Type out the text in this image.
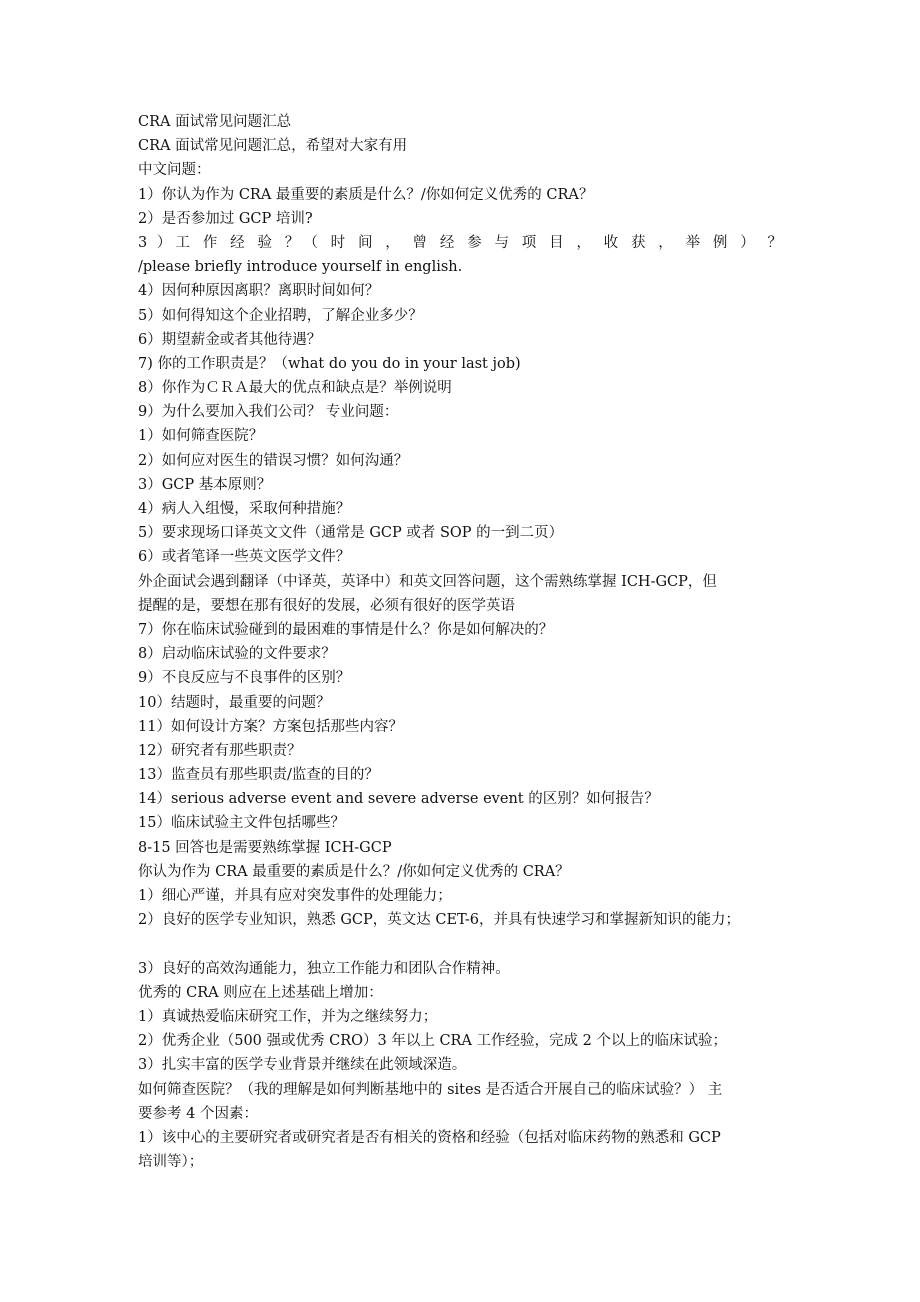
CRA 面试常见问题汇总
CRA 面试常见问题汇总，希望对大家有用
中文问题：
1）你认为作为 CRA 最重要的素质是什么？/你如何定义优秀的 CRA？
2）是否参加过 GCP 培训?
3 ）工 作 经 验 ？（ 时 间 ， 曾 经 参 与 项 目 ， 收 获 ， 举 例 ） ？
/please briefly introduce yourself in english.
4）因何种原因离职？离职时间如何？
5）如何得知这个企业招聘，了解企业多少？
6）期望薪金或者其他待遇？
7) 你的工作职责是？（what do you do in your last job)
8）你作为ＣＲＡ最大的优点和缺点是？举例说明
9）为什么要加入我们公司？ 专业问题：
1）如何筛查医院？
2）如何应对医生的错误习惯？如何沟通？
3）GCP 基本原则？
4）病人入组慢，采取何种措施？
5）要求现场口译英文文件（通常是 GCP 或者 SOP 的一到二页）
6）或者笔译一些英文医学文件？
外企面试会遇到翻译（中译英，英译中）和英文回答问题，这个需熟练掌握 ICH-GCP，但
提醒的是，要想在那有很好的发展，必须有很好的医学英语
7）你在临床试验碰到的最困难的事情是什么？你是如何解决的？
8）启动临床试验的文件要求？
9）不良反应与不良事件的区别？
10）结题时，最重要的问题？
11）如何设计方案？方案包括那些内容？
12）研究者有那些职责？
13）监查员有那些职责/监查的目的？
14）serious adverse event and severe adverse event 的区别？如何报告？
15）临床试验主文件包括哪些？
8-15 回答也是需要熟练掌握 ICH-GCP
你认为作为 CRA 最重要的素质是什么？/你如何定义优秀的 CRA？
1）细心严谨，并具有应对突发事件的处理能力；
2）良好的医学专业知识，熟悉 GCP，英文达 CET-6，并具有快速学习和掌握新知识的能力；
3）良好的高效沟通能力，独立工作能力和团队合作精神。
优秀的 CRA 则应在上述基础上增加：
1）真诚热爱临床研究工作，并为之继续努力；
2）优秀企业（500 强或优秀 CRO）3 年以上 CRA 工作经验，完成 2 个以上的临床试验；
3）扎实丰富的医学专业背景并继续在此领域深造。
如何筛查医院？（我的理解是如何判断基地中的 sites 是否适合开展自己的临床试验？） 主
要参考 4 个因素：
1）该中心的主要研究者或研究者是否有相关的资格和经验（包括对临床药物的熟悉和 GCP
培训等）；
